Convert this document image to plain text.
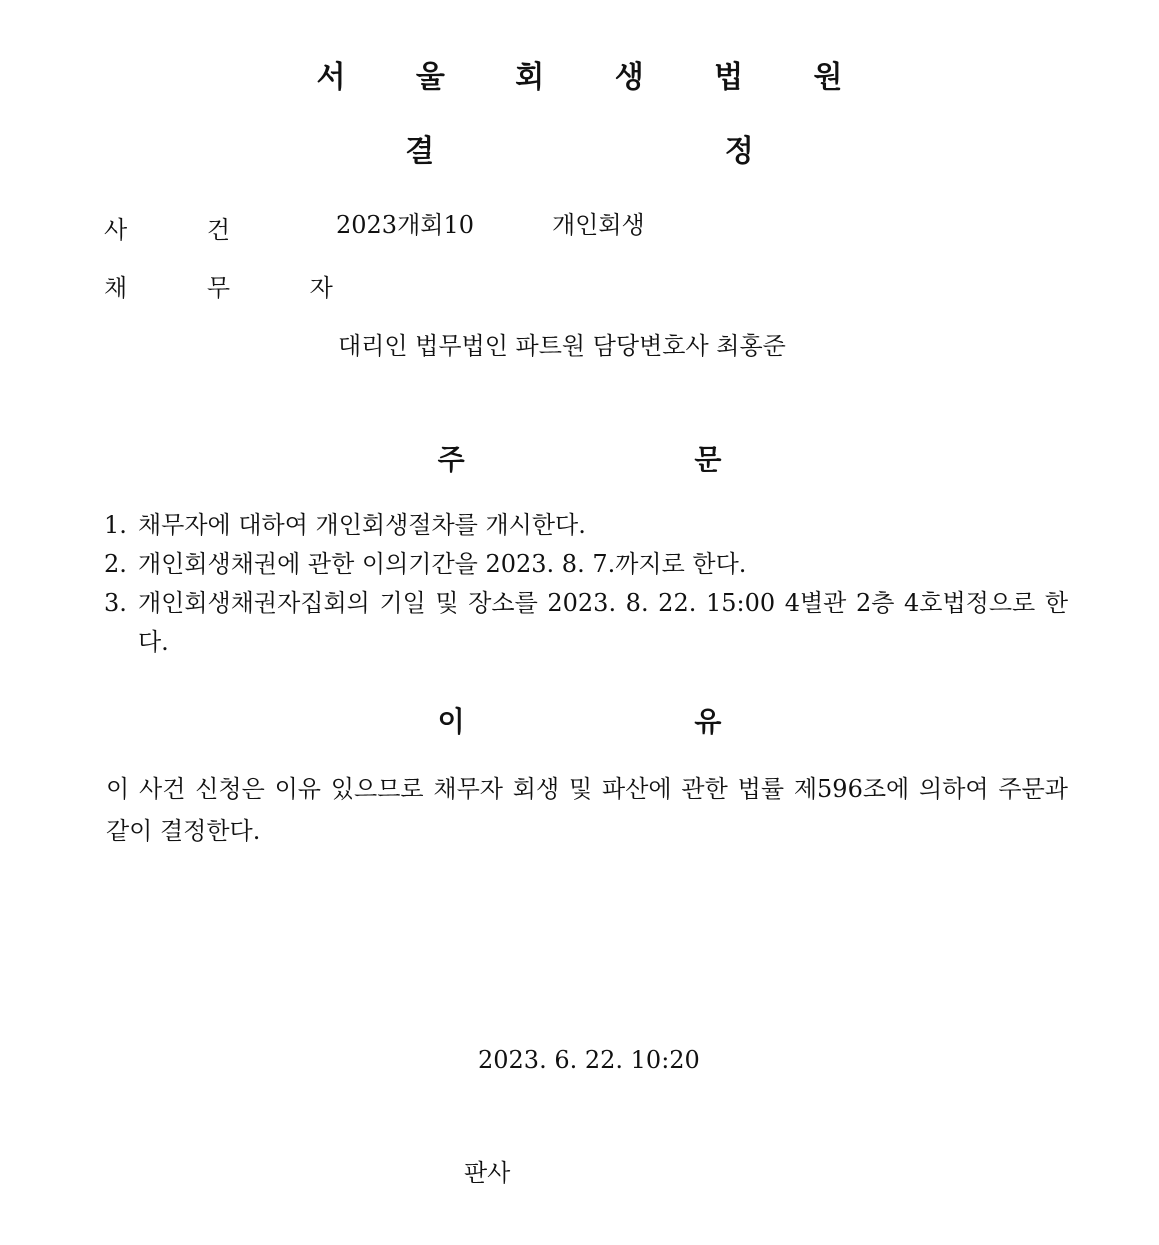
서 울 회 생 법 원
결 정
사 건	2023개회10	개인회생
채 무 자
대리인 법무법인 파트원 담당변호사 최홍준
주 문
1. 채무자에 대하여 개인회생절차를 개시한다.
2. 개인회생채권에 관한 이의기간을 2023. 8. 7.까지로 한다.
3. 개인회생채권자집회의 기일 및 장소를 2023. 8. 22. 15:00 4별관 2층 4호법정으로 한다.
이 유
이 사건 신청은 이유 있으므로 채무자 회생 및 파산에 관한 법률 제596조에 의하여 주문과 같이 결정한다.
2023. 6. 22. 10:20
판사
